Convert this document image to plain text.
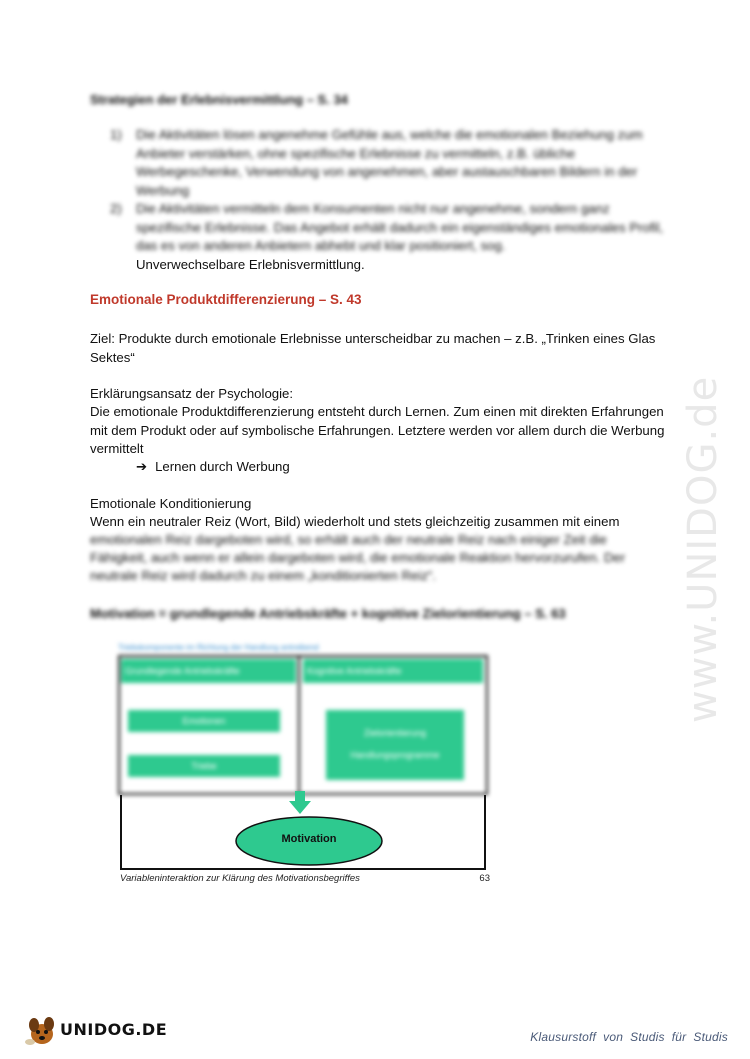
Strategien der Erlebnisvermittlung – S. 34
1) Die Aktivitäten lösen angenehme Gefühle aus, welche die emotionalen Beziehung zum Anbieter verstärken, ohne spezifische Erlebnisse zu vermitteln, z.B. übliche Werbegeschenke, Verwendung von angenehmen, aber austauschbaren Bildern in der Werbung
2) Die Aktivitäten vermitteln dem Konsumenten nicht nur angenehme, sondern ganz spezifische Erlebnisse. Das Angebot erhält dadurch ein eigenständiges emotionales Profil, das es von anderen Anbietern abhebt und klar positioniert, sog.
Unverwechselbare Erlebnisvermittlung.
Emotionale Produktdifferenzierung – S. 43
Ziel: Produkte durch emotionale Erlebnisse unterscheidbar zu machen – z.B. „Trinken eines Glas Sektes“
Erklärungsansatz der Psychologie:
Die emotionale Produktdifferenzierung entsteht durch Lernen. Zum einen mit direkten Erfahrungen mit dem Produkt oder auf symbolische Erfahrungen. Letztere werden vor allem durch die Werbung vermittelt
➔ Lernen durch Werbung
Emotionale Konditionierung
Wenn ein neutraler Reiz (Wort, Bild) wiederholt und stets gleichzeitig zusammen mit einem
emotionalen Reiz dargeboten wird, so erhält auch der neutrale Reiz nach einiger Zeit die Fähigkeit, auch wenn er allein dargeboten wird, die emotionale Reaktion hervorzurufen. Der neutrale Reiz wird dadurch zu einem „konditionierten Reiz“.
Motivation = grundlegende Antriebskräfte + kognitive Zielorientierung – S. 63
Triebskomponente im Richtung der Handlung antreibend
Grundlegende Antriebskräfte	Kognitive Antriebskräfte
Emotionen
Triebe
Zielorientierung
Handlungsprogramme
Motivation
Variableninteraktion zur Klärung des Motivationsbegriffes	63
www.UNIDOG.de
UNIDOG.DE	Klausurstoff  von  Studis  für  Studis
